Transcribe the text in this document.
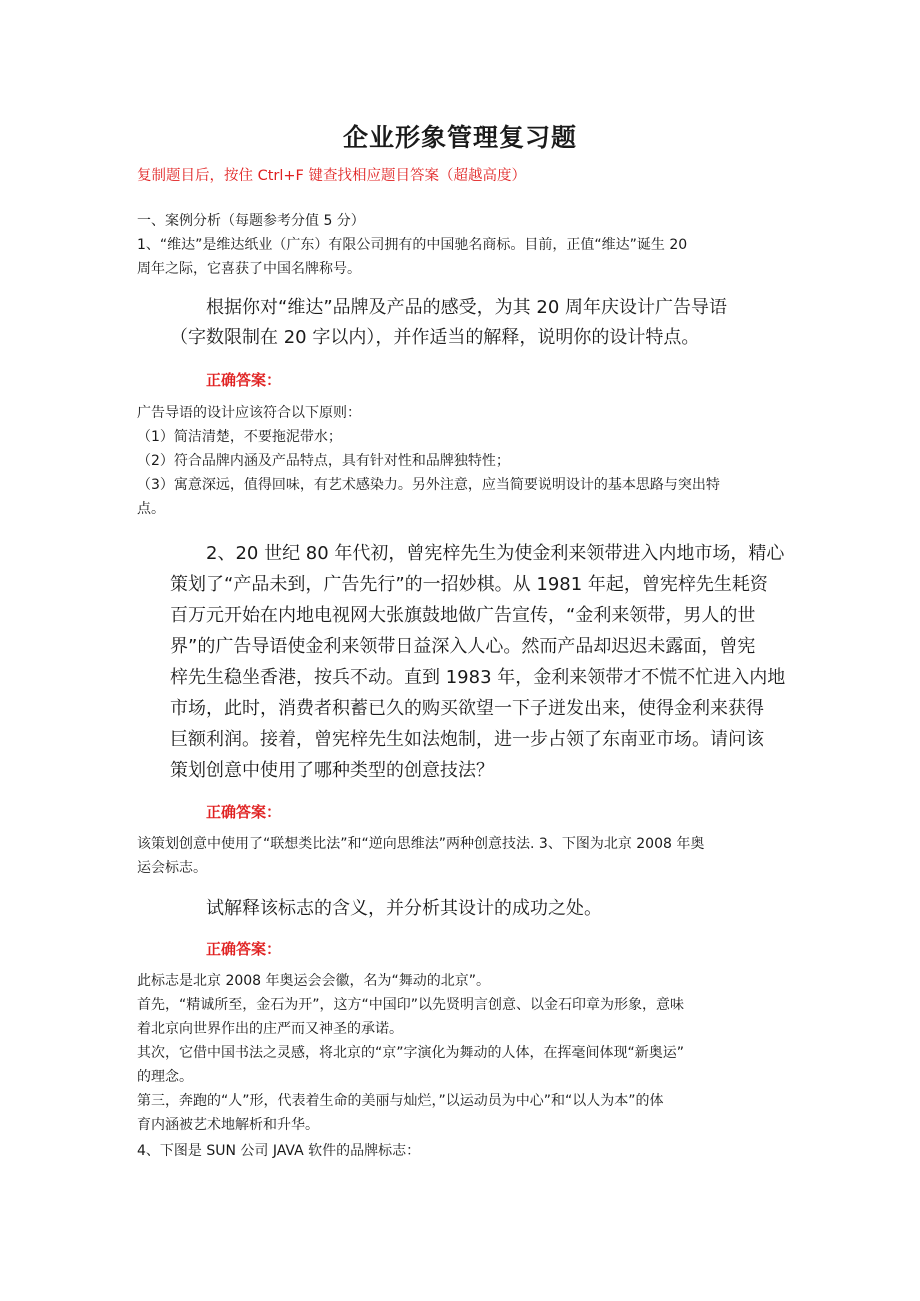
企业形象管理复习题
复制题目后，按住 Ctrl+F 键查找相应题目答案（超越高度）
一、案例分析（每题参考分值 5 分）
1、“维达”是维达纸业（广东）有限公司拥有的中国驰名商标。目前，正值“维达”诞生 20
周年之际，它喜获了中国名牌称号。
根据你对“维达”品牌及产品的感受，为其 20 周年庆设计广告导语
（字数限制在 20 字以内），并作适当的解释，说明你的设计特点。
正确答案：
广告导语的设计应该符合以下原则：
（1）简洁清楚，不要拖泥带水；
（2）符合品牌内涵及产品特点，具有针对性和品牌独特性；
（3）寓意深远，值得回味，有艺术感染力。另外注意，应当简要说明设计的基本思路与突出特
点。
2、20 世纪 80 年代初，曾宪梓先生为使金利来领带进入内地市场，精心
策划了“产品未到，广告先行”的一招妙棋。从 1981 年起，曾宪梓先生耗资
百万元开始在内地电视网大张旗鼓地做广告宣传，“金利来领带，男人的世
界”的广告导语使金利来领带日益深入人心。然而产品却迟迟未露面，曾宪
梓先生稳坐香港，按兵不动。直到 1983 年，金利来领带才不慌不忙进入内地
市场，此时，消费者积蓄已久的购买欲望一下子迸发出来，使得金利来获得
巨额利润。接着，曾宪梓先生如法炮制，进一步占领了东南亚市场。请问该
策划创意中使用了哪种类型的创意技法？
正确答案：
该策划创意中使用了“联想类比法”和“逆向思维法”两种创意技法. 3、下图为北京 2008 年奥
运会标志。
试解释该标志的含义，并分析其设计的成功之处。
正确答案：
此标志是北京 2008 年奥运会会徽，名为“舞动的北京”。
首先，“精诚所至，金石为开”，这方“中国印”以先贤明言创意、以金石印章为形象，意味
着北京向世界作出的庄严而又神圣的承诺。
其次，它借中国书法之灵感，将北京的“京”字演化为舞动的人体，在挥毫间体现“新奥运”
的理念。
第三，奔跑的“人”形，代表着生命的美丽与灿烂，”以运动员为中心”和“以人为本”的体
育内涵被艺术地解析和升华。
4、下图是 SUN 公司 JAVA 软件的品牌标志：
